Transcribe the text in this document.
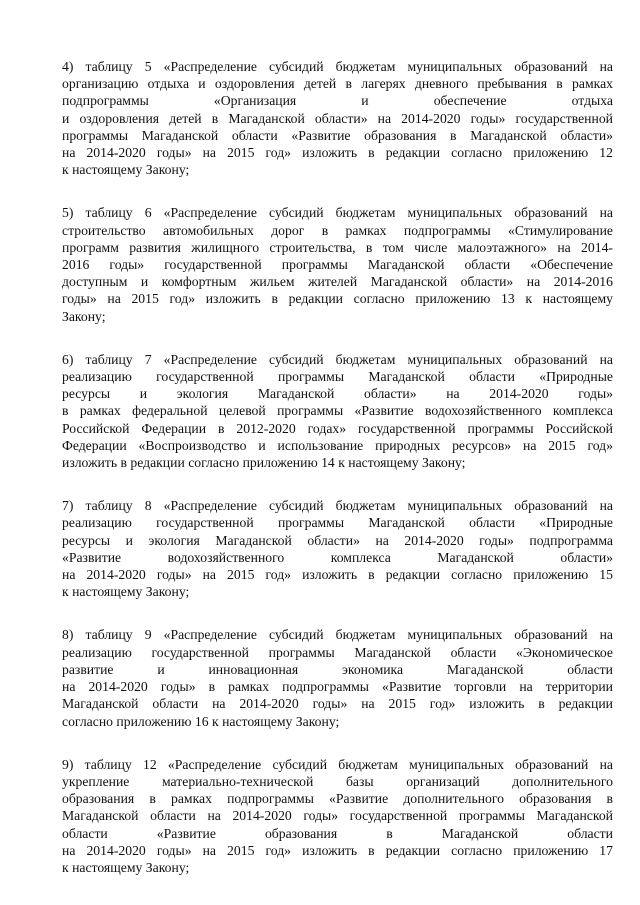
4) таблицу 5 «Распределение субсидий бюджетам муниципальных образований на
организацию отдыха и оздоровления детей в лагерях дневного пребывания в рамках
подпрограммы «Организация и обеспечение отдыха
и оздоровления детей в Магаданской области» на 2014-2020 годы» государственной
программы Магаданской области «Развитие образования в Магаданской области»
на 2014-2020 годы» на 2015 год» изложить в редакции согласно приложению 12
к настоящему Закону;

5) таблицу 6 «Распределение субсидий бюджетам муниципальных образований на
строительство автомобильных дорог в рамках подпрограммы «Стимулирование
программ развития жилищного строительства, в том числе малоэтажного» на 2014-
2016 годы» государственной программы Магаданской области «Обеспечение
доступным и комфортным жильем жителей Магаданской области» на 2014-2016
годы» на 2015 год» изложить в редакции согласно приложению 13 к настоящему
Закону;

6) таблицу 7 «Распределение субсидий бюджетам муниципальных образований на
реализацию государственной программы Магаданской области «Природные
ресурсы и экология Магаданской области» на 2014-2020 годы»
в рамках федеральной целевой программы «Развитие водохозяйственного комплекса
Российской Федерации в 2012-2020 годах» государственной программы Российской
Федерации «Воспроизводство и использование природных ресурсов» на 2015 год»
изложить в редакции согласно приложению 14 к настоящему Закону;

7) таблицу 8 «Распределение субсидий бюджетам муниципальных образований на
реализацию государственной программы Магаданской области «Природные
ресурсы и экология Магаданской области» на 2014-2020 годы» подпрограмма
«Развитие водохозяйственного комплекса Магаданской области»
на 2014-2020 годы» на 2015 год» изложить в редакции согласно приложению 15
к настоящему Закону;

8) таблицу 9 «Распределение субсидий бюджетам муниципальных образований на
реализацию государственной программы Магаданской области «Экономическое
развитие и инновационная экономика Магаданской области
на 2014-2020 годы» в рамках подпрограммы «Развитие торговли на территории
Магаданской области на 2014-2020 годы» на 2015 год» изложить в редакции
согласно приложению 16 к настоящему Закону;

9) таблицу 12 «Распределение субсидий бюджетам муниципальных образований на
укрепление материально-технической базы организаций дополнительного
образования в рамках подпрограммы «Развитие дополнительного образования в
Магаданской области на 2014-2020 годы» государственной программы Магаданской
области «Развитие образования в Магаданской области
на 2014-2020 годы» на 2015 год» изложить в редакции согласно приложению 17
к настоящему Закону;
